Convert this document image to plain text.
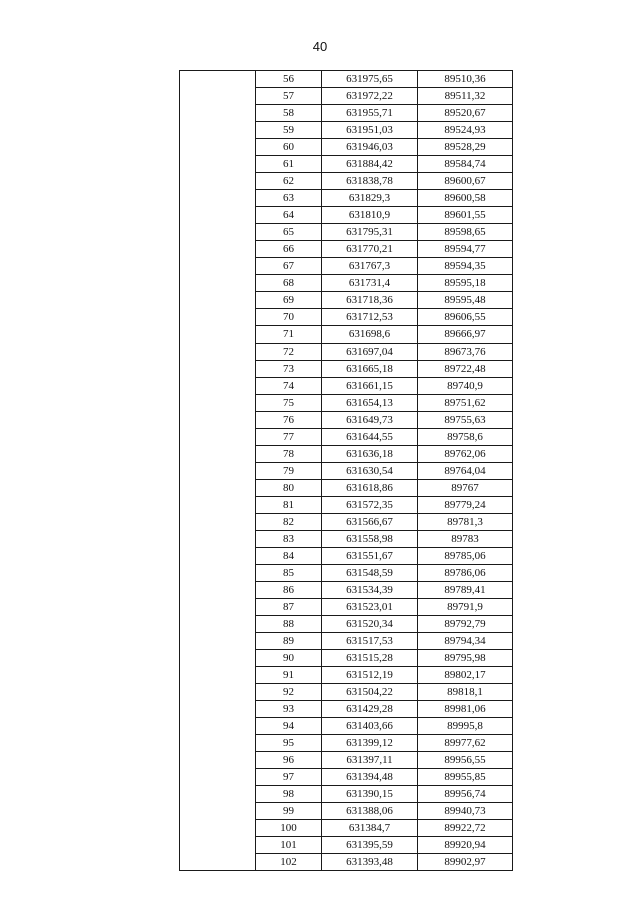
40
	56	631975,65	89510,36
	57	631972,22	89511,32
	58	631955,71	89520,67
	59	631951,03	89524,93
	60	631946,03	89528,29
	61	631884,42	89584,74
	62	631838,78	89600,67
	63	631829,3	89600,58
	64	631810,9	89601,55
	65	631795,31	89598,65
	66	631770,21	89594,77
	67	631767,3	89594,35
	68	631731,4	89595,18
	69	631718,36	89595,48
	70	631712,53	89606,55
	71	631698,6	89666,97
	72	631697,04	89673,76
	73	631665,18	89722,48
	74	631661,15	89740,9
	75	631654,13	89751,62
	76	631649,73	89755,63
	77	631644,55	89758,6
	78	631636,18	89762,06
	79	631630,54	89764,04
	80	631618,86	89767
	81	631572,35	89779,24
	82	631566,67	89781,3
	83	631558,98	89783
	84	631551,67	89785,06
	85	631548,59	89786,06
	86	631534,39	89789,41
	87	631523,01	89791,9
	88	631520,34	89792,79
	89	631517,53	89794,34
	90	631515,28	89795,98
	91	631512,19	89802,17
	92	631504,22	89818,1
	93	631429,28	89981,06
	94	631403,66	89995,8
	95	631399,12	89977,62
	96	631397,11	89956,55
	97	631394,48	89955,85
	98	631390,15	89956,74
	99	631388,06	89940,73
	100	631384,7	89922,72
	101	631395,59	89920,94
	102	631393,48	89902,97
